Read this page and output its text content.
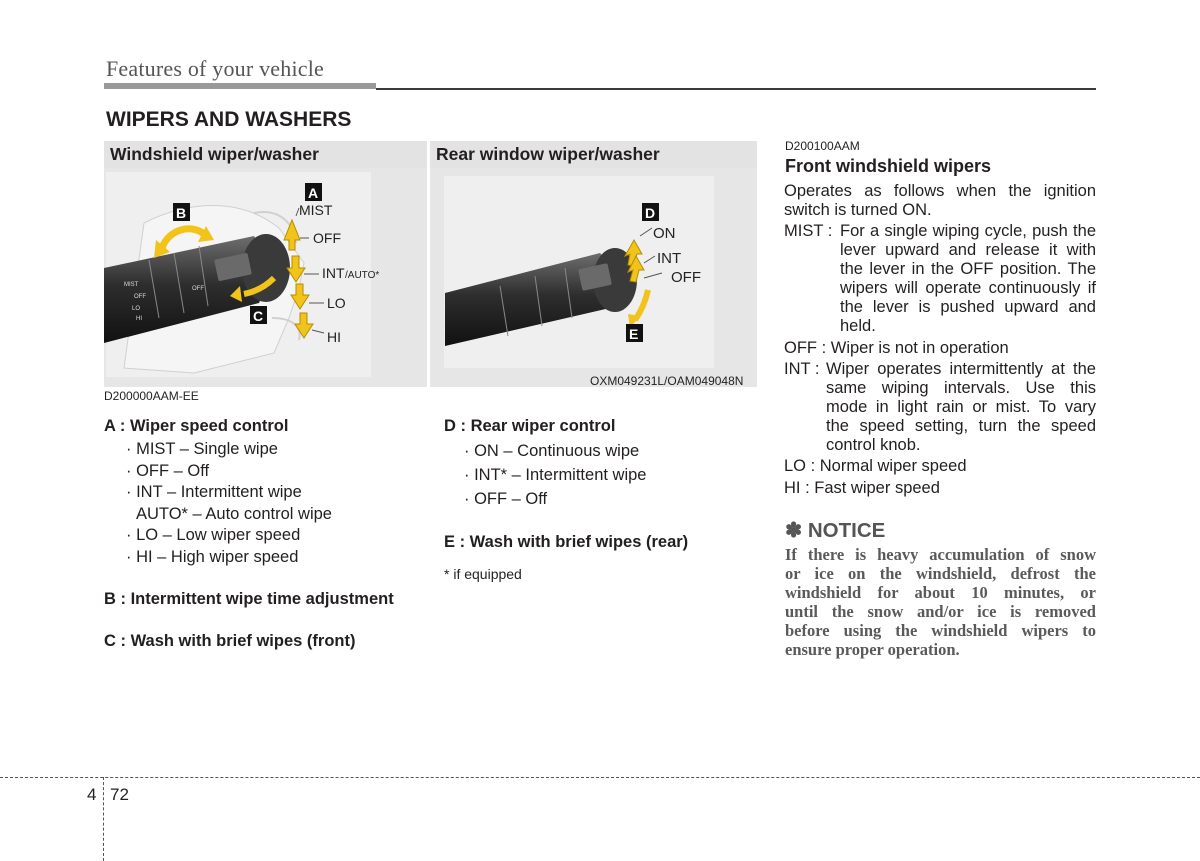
Features of your vehicle
WIPERS AND WASHERS
Windshield wiper/washer
MIST
OFF
LO
HI
OFF
A
B
C
MIST
OFF
INT /AUTO*
LO
HI
D200000AAM-EE
Rear window wiper/washer
D
E
ON
INT
OFF
OXM049231L/OAM049048N
A : Wiper speed control
· MIST – Single wipe
· OFF – Off
· INT – Intermittent wipe
AUTO* – Auto control wipe
· LO – Low wiper speed
· HI – High wiper speed
B : Intermittent wipe time adjustment
C : Wash with brief wipes (front)
D : Rear wiper control
· ON – Continuous wipe
· INT* – Intermittent wipe
· OFF – Off
E : Wash with brief wipes (rear)
* if equipped
D200100AAM
Front windshield wipers
Operates as follows when the ignition
switch is turned ON.
MIST : For a single wiping cycle, push the
lever upward and release it with
the lever in the OFF position. The
wipers will operate continuously if
the lever is pushed upward and
held.
OFF : Wiper is not in operation
INT : Wiper operates intermittently at the
same wiping intervals. Use this
mode in light rain or mist. To vary
the speed setting, turn the speed
control knob.
LO : Normal wiper speed
HI : Fast wiper speed
✽ NOTICE
If there is heavy accumulation of snow
or ice on the windshield, defrost the
windshield for about 10 minutes, or
until the snow and/or ice is removed
before using the windshield wipers to
ensure proper operation.
4 72
